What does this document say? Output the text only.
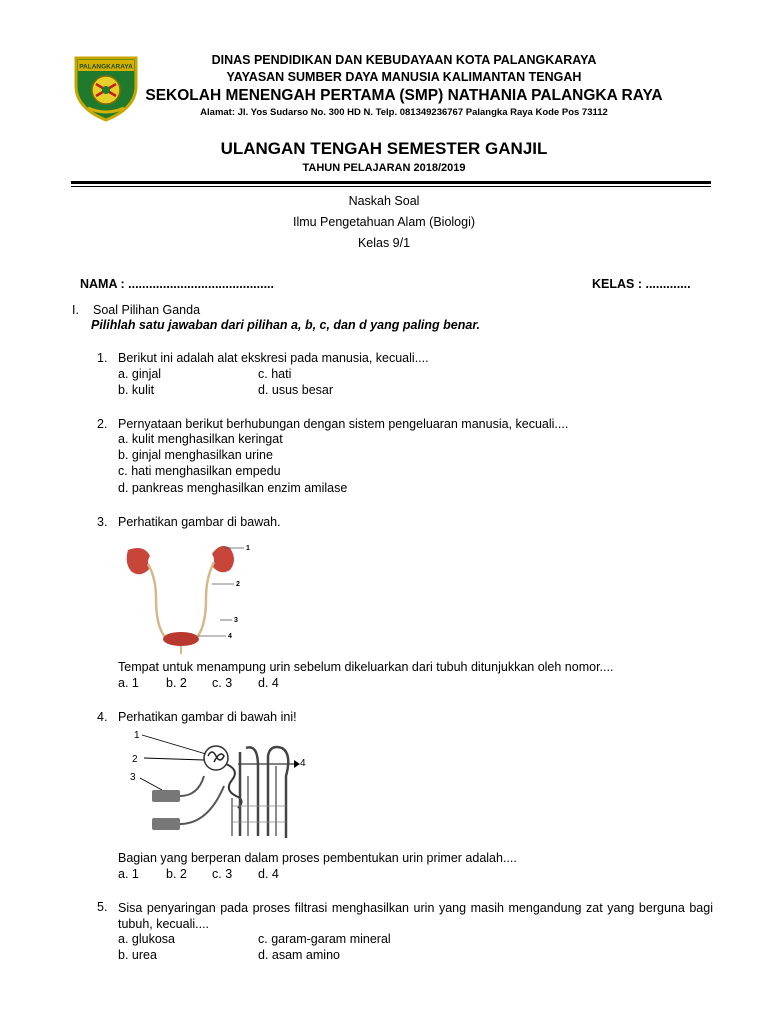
PALANGKARAYA	DINAS PENDIDIKAN DAN KEBUDAYAAN KOTA PALANGKARAYA
YAYASAN SUMBER DAYA MANUSIA KALIMANTAN TENGAH
SEKOLAH MENENGAH PERTAMA (SMP) NATHANIA PALANGKA RAYA
Alamat: Jl. Yos Sudarso No. 300 HD N. Telp. 081349236767 Palangka Raya Kode Pos 73112
ULANGAN TENGAH SEMESTER GANJIL
TAHUN PELAJARAN 2018/2019
Naskah Soal
Ilmu Pengetahuan Alam (Biologi)
Kelas 9/1
NAMA : ..........................................	KELAS : .............
I. Soal Pilihan Ganda
Pilihlah satu jawaban dari pilihan a, b, c, dan d yang paling benar.
1. Berikut ini adalah alat ekskresi pada manusia, kecuali....
a. ginjal	c. hati
b. kulit	d. usus besar
2. Pernyataan berikut berhubungan dengan sistem pengeluaran manusia, kecuali....
a. kulit menghasilkan keringat
b. ginjal menghasilkan urine
c. hati menghasilkan empedu
d. pankreas menghasilkan enzim amilase
3. Perhatikan gambar di bawah.
1
2
3
4
Tempat untuk menampung urin sebelum dikeluarkan dari tubuh ditunjukkan oleh nomor....
a. 1 b. 2 c. 3 d. 4
4. Perhatikan gambar di bawah ini!
1
2
3
4
Bagian yang berperan dalam proses pembentukan urin primer adalah....
a. 1 b. 2 c. 3 d. 4
5. Sisa penyaringan pada proses filtrasi menghasilkan urin yang masih mengandung zat yang berguna bagi tubuh, kecuali....
a. glukosa	c. garam-garam mineral
b. urea	d. asam amino
